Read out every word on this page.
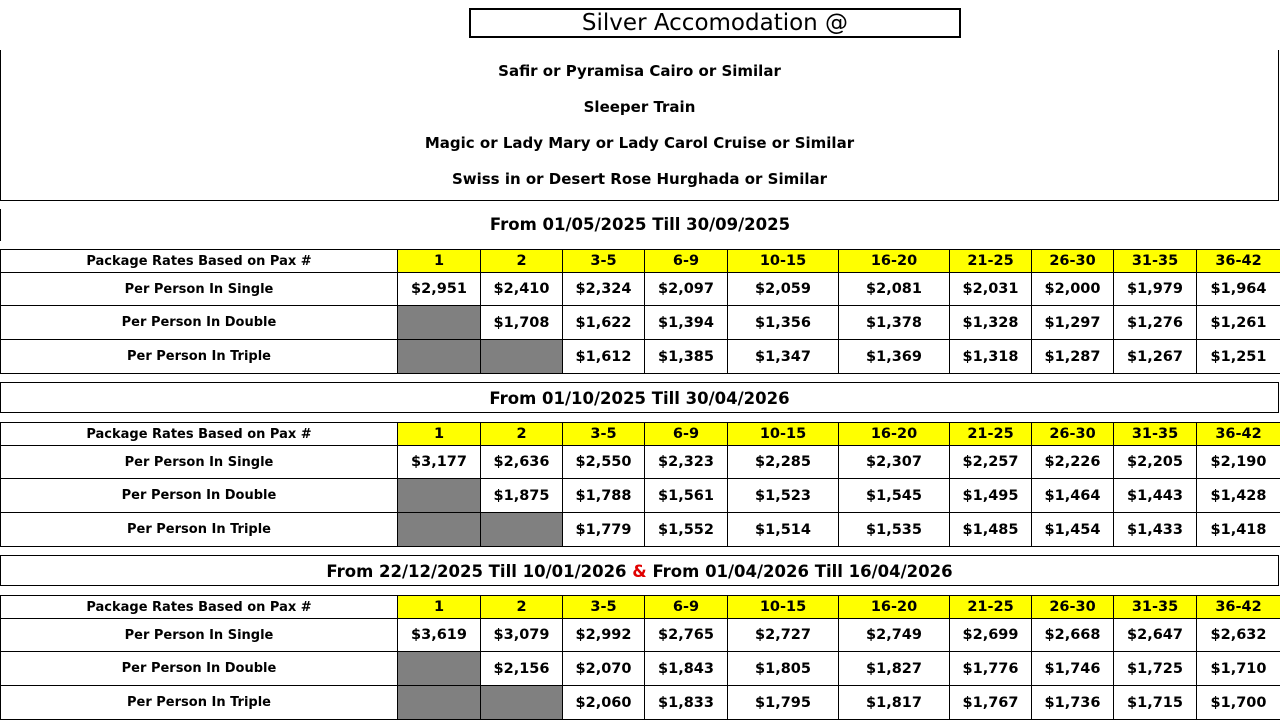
Silver Accomodation @
Safir or Pyramisa Cairo or Similar
Sleeper Train
Magic or Lady Mary or Lady Carol Cruise or Similar
Swiss in or Desert Rose Hurghada or Similar
From 01/05/2025 Till 30/09/2025
Package Rates Based on Pax #	1	2	3-5	6-9	10-15	16-20	21-25	26-30	31-35	36-42
Per Person In Single	$2,951	$2,410	$2,324	$2,097	$2,059	$2,081	$2,031	$2,000	$1,979	$1,964
Per Person In Double		$1,708	$1,622	$1,394	$1,356	$1,378	$1,328	$1,297	$1,276	$1,261
Per Person In Triple			$1,612	$1,385	$1,347	$1,369	$1,318	$1,287	$1,267	$1,251
From 01/10/2025 Till 30/04/2026
Package Rates Based on Pax #	1	2	3-5	6-9	10-15	16-20	21-25	26-30	31-35	36-42
Per Person In Single	$3,177	$2,636	$2,550	$2,323	$2,285	$2,307	$2,257	$2,226	$2,205	$2,190
Per Person In Double		$1,875	$1,788	$1,561	$1,523	$1,545	$1,495	$1,464	$1,443	$1,428
Per Person In Triple			$1,779	$1,552	$1,514	$1,535	$1,485	$1,454	$1,433	$1,418
From 22/12/2025 Till 10/01/2026 & From 01/04/2026 Till 16/04/2026
Package Rates Based on Pax #	1	2	3-5	6-9	10-15	16-20	21-25	26-30	31-35	36-42
Per Person In Single	$3,619	$3,079	$2,992	$2,765	$2,727	$2,749	$2,699	$2,668	$2,647	$2,632
Per Person In Double		$2,156	$2,070	$1,843	$1,805	$1,827	$1,776	$1,746	$1,725	$1,710
Per Person In Triple			$2,060	$1,833	$1,795	$1,817	$1,767	$1,736	$1,715	$1,700
